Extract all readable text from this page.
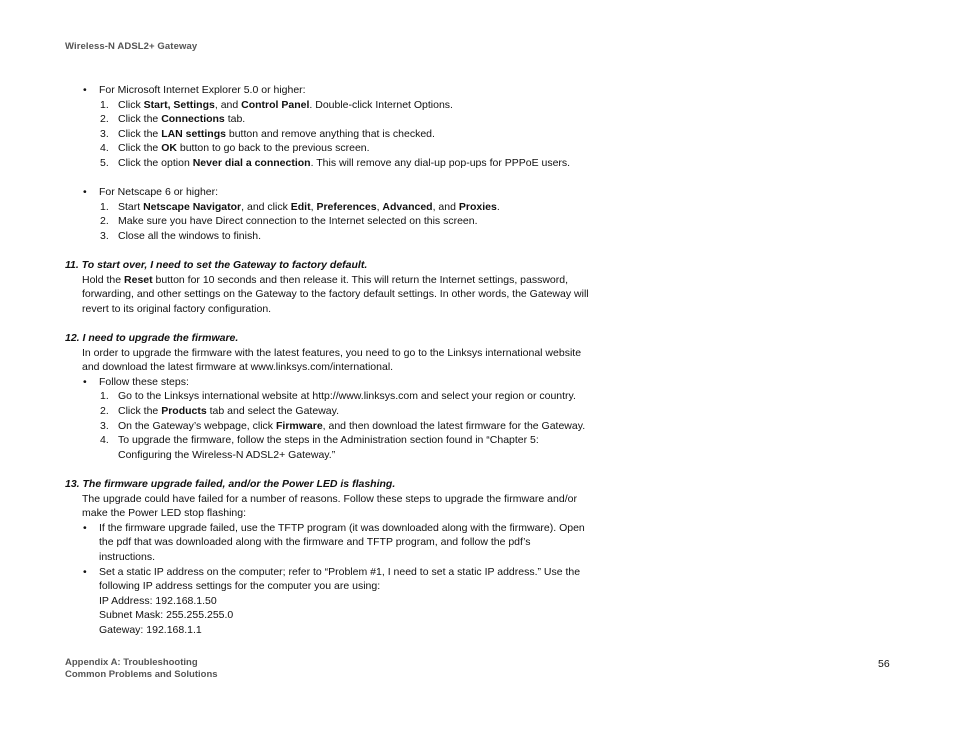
Wireless-N ADSL2+ Gateway

• For Microsoft Internet Explorer 5.0 or higher:

1. Click Start, Settings, and Control Panel. Double-click Internet Options.

2. Click the Connections tab.

3. Click the LAN settings button and remove anything that is checked.

4. Click the OK button to go back to the previous screen.

5. Click the option Never dial a connection. This will remove any dial-up pop-ups for PPPoE users.

• For Netscape 6 or higher:

1. Start Netscape Navigator, and click Edit, Preferences, Advanced, and Proxies.

2. Make sure you have Direct connection to the Internet selected on this screen.

3. Close all the windows to finish.

11. To start over, I need to set the Gateway to factory default.

Hold the Reset button for 10 seconds and then release it. This will return the Internet settings, password,

forwarding, and other settings on the Gateway to the factory default settings. In other words, the Gateway will

revert to its original factory configuration.

12. I need to upgrade the firmware.

In order to upgrade the firmware with the latest features, you need to go to the Linksys international website

and download the latest firmware at www.linksys.com/international.

• Follow these steps:

1. Go to the Linksys international website at http://www.linksys.com and select your region or country.

2. Click the Products tab and select the Gateway.

3. On the Gateway’s webpage, click Firmware, and then download the latest firmware for the Gateway.

4. To upgrade the firmware, follow the steps in the Administration section found in “Chapter 5:

Configuring the Wireless-N ADSL2+ Gateway.”

13. The firmware upgrade failed, and/or the Power LED is flashing.

The upgrade could have failed for a number of reasons. Follow these steps to upgrade the firmware and/or

make the Power LED stop flashing:

• If the firmware upgrade failed, use the TFTP program (it was downloaded along with the firmware). Open

the pdf that was downloaded along with the firmware and TFTP program, and follow the pdf’s

instructions.

• Set a static IP address on the computer; refer to “Problem #1, I need to set a static IP address.” Use the

following IP address settings for the computer you are using:

IP Address: 192.168.1.50

Subnet Mask: 255.255.255.0

Gateway: 192.168.1.1

Appendix A: Troubleshooting
Common Problems and Solutions
56
